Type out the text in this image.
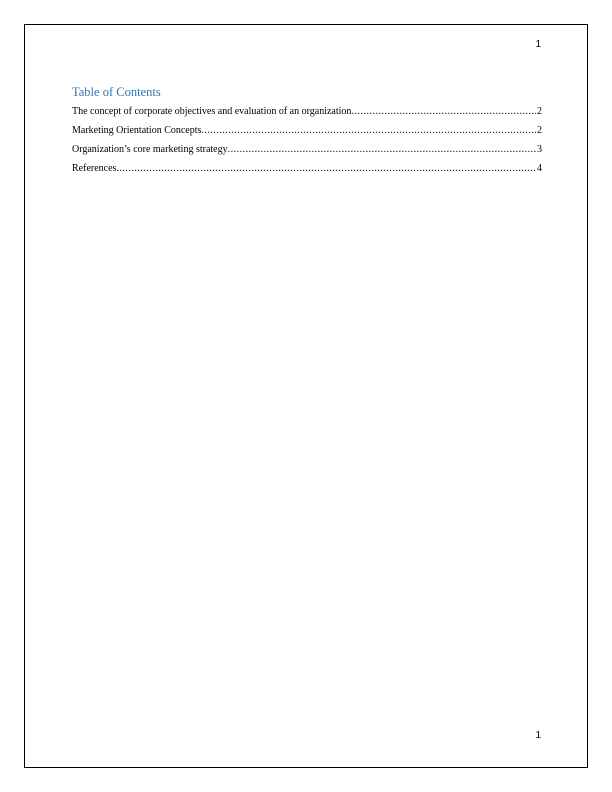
1
Table of Contents
The concept of corporate objectives and evaluation of an organization .....	2
Marketing Orientation Concepts .....	2
Organization’s core marketing strategy .....	3
References .....	4
1
